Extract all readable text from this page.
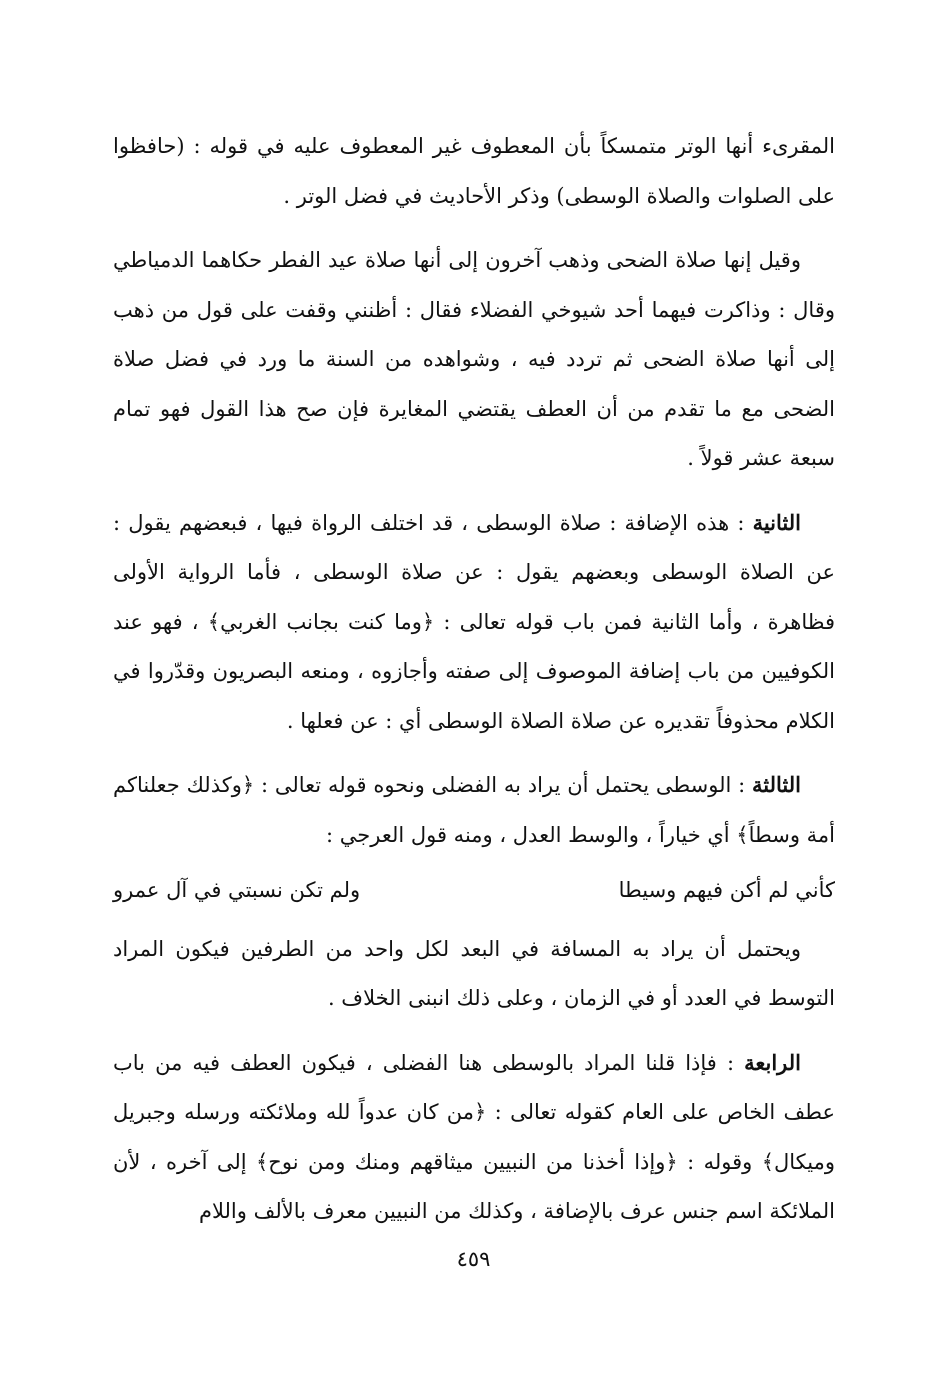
المقرىء أنها الوتر متمسكاً بأن المعطوف غير المعطوف عليه في قوله : (حافظوا على الصلوات والصلاة الوسطى) وذكر الأحاديث في فضل الوتر .

وقيل إنها صلاة الضحى وذهب آخرون إلى أنها صلاة عيد الفطر حكاهما الدمياطي وقال : وذاكرت فيهما أحد شيوخي الفضلاء فقال : أظنني وقفت على قول من ذهب إلى أنها صلاة الضحى ثم تردد فيه ، وشواهده من السنة ما ورد في فضل صلاة الضحى مع ما تقدم من أن العطف يقتضي المغايرة فإن صح هذا القول فهو تمام سبعة عشر قولاً .

الثانية : هذه الإضافة : صلاة الوسطى ، قد اختلف الرواة فيها ، فبعضهم يقول : عن الصلاة الوسطى وبعضهم يقول : عن صلاة الوسطى ، فأما الرواية الأولى فظاهرة ، وأما الثانية فمن باب قوله تعالى : ﴿وما كنت بجانب الغربي﴾ ، فهو عند الكوفيين من باب إضافة الموصوف إلى صفته وأجازوه ، ومنعه البصريون وقدّروا في الكلام محذوفاً تقديره عن صلاة الصلاة الوسطى أي : عن فعلها .

الثالثة : الوسطى يحتمل أن يراد به الفضلى ونحوه قوله تعالى : ﴿وكذلك جعلناكم أمة وسطاً﴾ أي خياراً ، والوسط العدل ، ومنه قول العرجي :

كأني لم أكن فيهم وسيطا
ولم تكن نسبتي في آل عمرو

ويحتمل أن يراد به المسافة في البعد لكل واحد من الطرفين فيكون المراد التوسط في العدد أو في الزمان ، وعلى ذلك انبنى الخلاف .

الرابعة : فإذا قلنا المراد بالوسطى هنا الفضلى ، فيكون العطف فيه من باب عطف الخاص على العام كقوله تعالى : ﴿من كان عدواً لله وملائكته ورسله وجبريل وميكال﴾ وقوله : ﴿وإذا أخذنا من النبيين ميثاقهم ومنك ومن نوح﴾ إلى آخره ، لأن الملائكة اسم جنس عرف بالإضافة ، وكذلك من النبيين معرف بالألف واللام

٤٥٩
